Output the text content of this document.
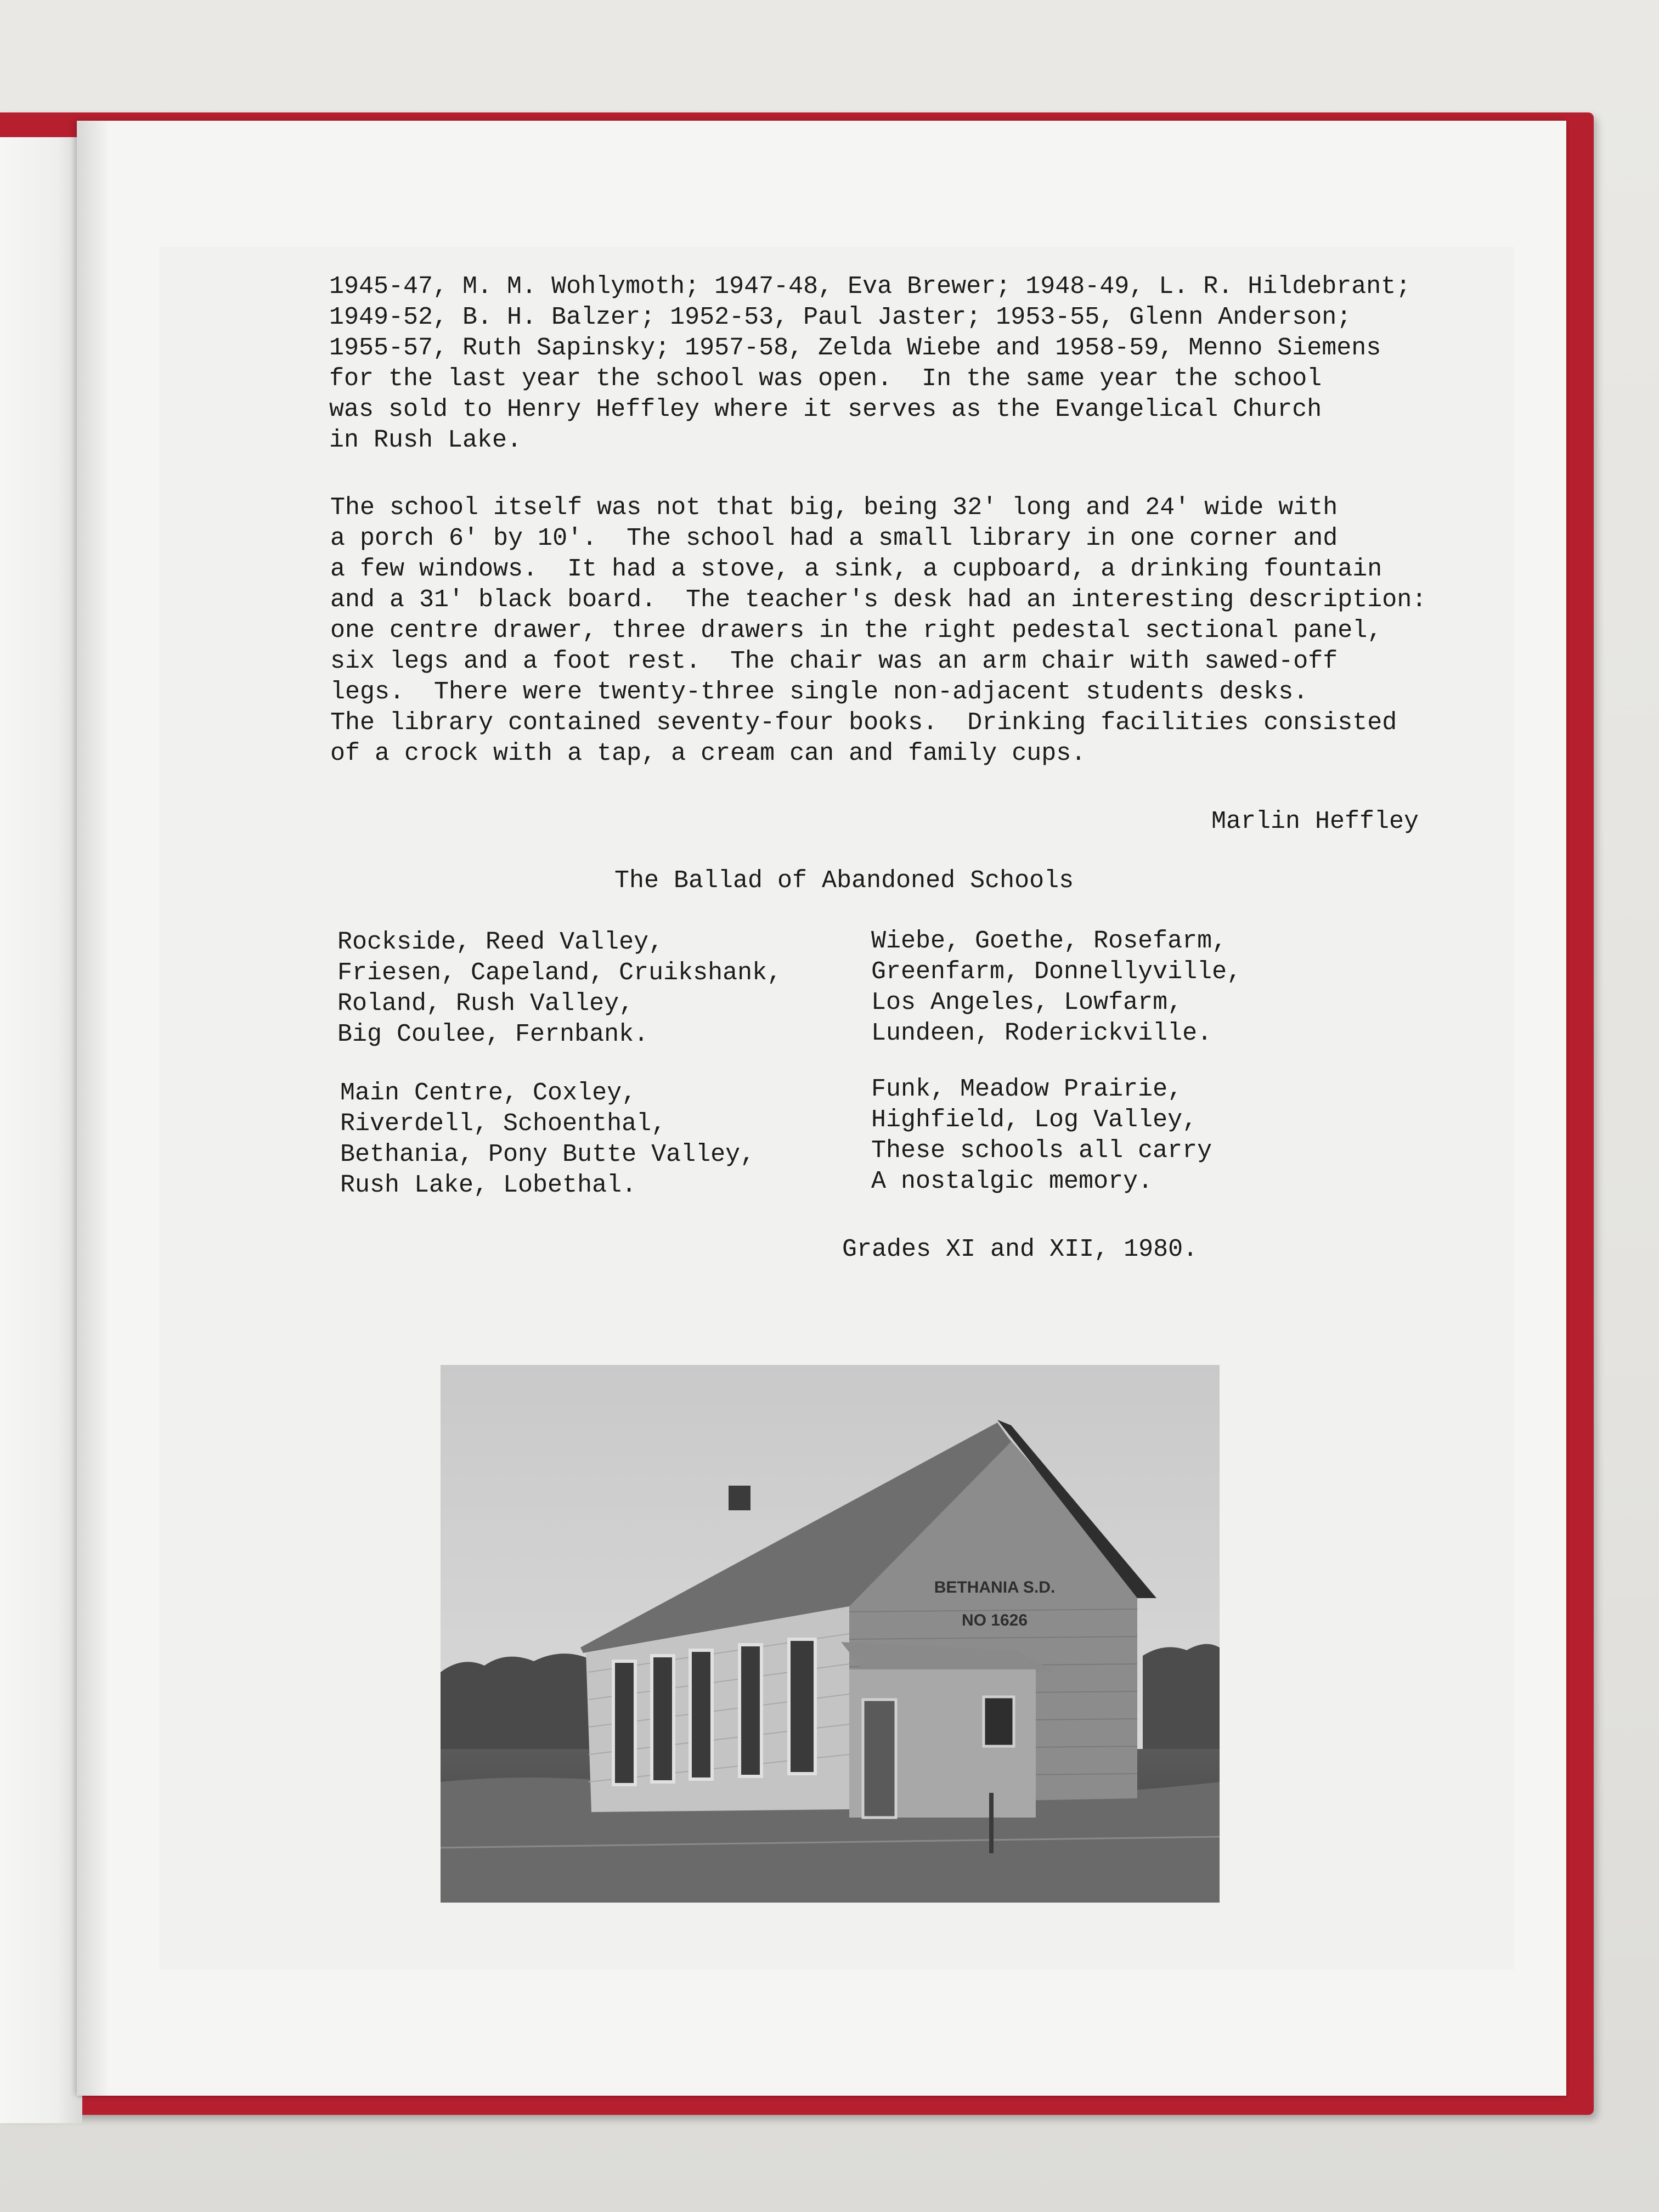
1945-47, M. M. Wohlymoth; 1947-48, Eva Brewer; 1948-49, L. R. Hildebrant;
1949-52, B. H. Balzer; 1952-53, Paul Jaster; 1953-55, Glenn Anderson;
1955-57, Ruth Sapinsky; 1957-58, Zelda Wiebe and 1958-59, Menno Siemens
for the last year the school was open.  In the same year the school
was sold to Henry Heffley where it serves as the Evangelical Church
in Rush Lake.

The school itself was not that big, being 32' long and 24' wide with
a porch 6' by 10'.  The school had a small library in one corner and
a few windows.  It had a stove, a sink, a cupboard, a drinking fountain
and a 31' black board.  The teacher's desk had an interesting description:
one centre drawer, three drawers in the right pedestal sectional panel,
six legs and a foot rest.  The chair was an arm chair with sawed-off
legs.  There were twenty-three single non-adjacent students desks.
The library contained seventy-four books.  Drinking facilities consisted
of a crock with a tap, a cream can and family cups.

Marlin Heffley

The Ballad of Abandoned Schools

Rockside, Reed Valley,
Friesen, Capeland, Cruikshank,
Roland, Rush Valley,
Big Coulee, Fernbank.

Wiebe, Goethe, Rosefarm,
Greenfarm, Donnellyville,
Los Angeles, Lowfarm,
Lundeen, Roderickville.

Main Centre, Coxley,
Riverdell, Schoenthal,
Bethania, Pony Butte Valley,
Rush Lake, Lobethal.

Funk, Meadow Prairie,
Highfield, Log Valley,
These schools all carry
A nostalgic memory.

Grades XI and XII, 1980.

BETHANIA S.D.
NO 1626
